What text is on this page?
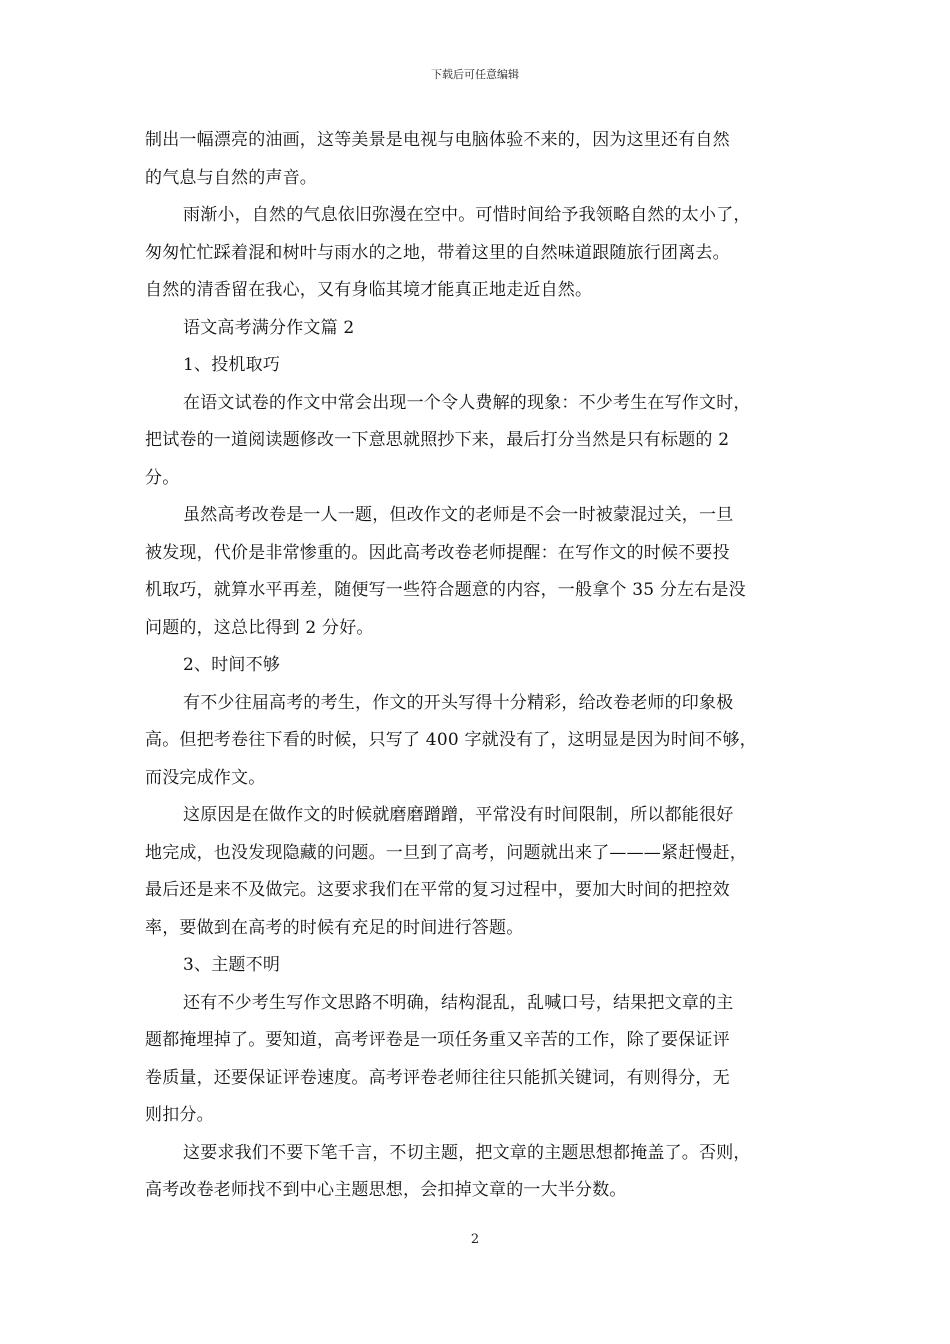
下载后可任意编辑
制出一幅漂亮的油画，这等美景是电视与电脑体验不来的，因为这里还有自然
的气息与自然的声音。
雨渐小，自然的气息依旧弥漫在空中。可惜时间给予我领略自然的太小了，
匆匆忙忙踩着混和树叶与雨水的之地，带着这里的自然味道跟随旅行团离去。
自然的清香留在我心，又有身临其境才能真正地走近自然。
语文高考满分作文篇 2
1、投机取巧
在语文试卷的作文中常会出现一个令人费解的现象：不少考生在写作文时，
把试卷的一道阅读题修改一下意思就照抄下来，最后打分当然是只有标题的 2
分。
虽然高考改卷是一人一题，但改作文的老师是不会一时被蒙混过关，一旦
被发现，代价是非常惨重的。因此高考改卷老师提醒：在写作文的时候不要投
机取巧，就算水平再差，随便写一些符合题意的内容，一般拿个 35 分左右是没
问题的，这总比得到 2 分好。
2、时间不够
有不少往届高考的考生，作文的开头写得十分精彩，给改卷老师的印象极
高。但把考卷往下看的时候，只写了 400 字就没有了，这明显是因为时间不够，
而没完成作文。
这原因是在做作文的时候就磨磨蹭蹭，平常没有时间限制，所以都能很好
地完成，也没发现隐藏的问题。一旦到了高考，问题就出来了———紧赶慢赶，
最后还是来不及做完。这要求我们在平常的复习过程中，要加大时间的把控效
率，要做到在高考的时候有充足的时间进行答题。
3、主题不明
还有不少考生写作文思路不明确，结构混乱，乱喊口号，结果把文章的主
题都掩埋掉了。要知道，高考评卷是一项任务重又辛苦的工作，除了要保证评
卷质量，还要保证评卷速度。高考评卷老师往往只能抓关键词，有则得分，无
则扣分。
这要求我们不要下笔千言，不切主题，把文章的主题思想都掩盖了。否则，
高考改卷老师找不到中心主题思想，会扣掉文章的一大半分数。
2
